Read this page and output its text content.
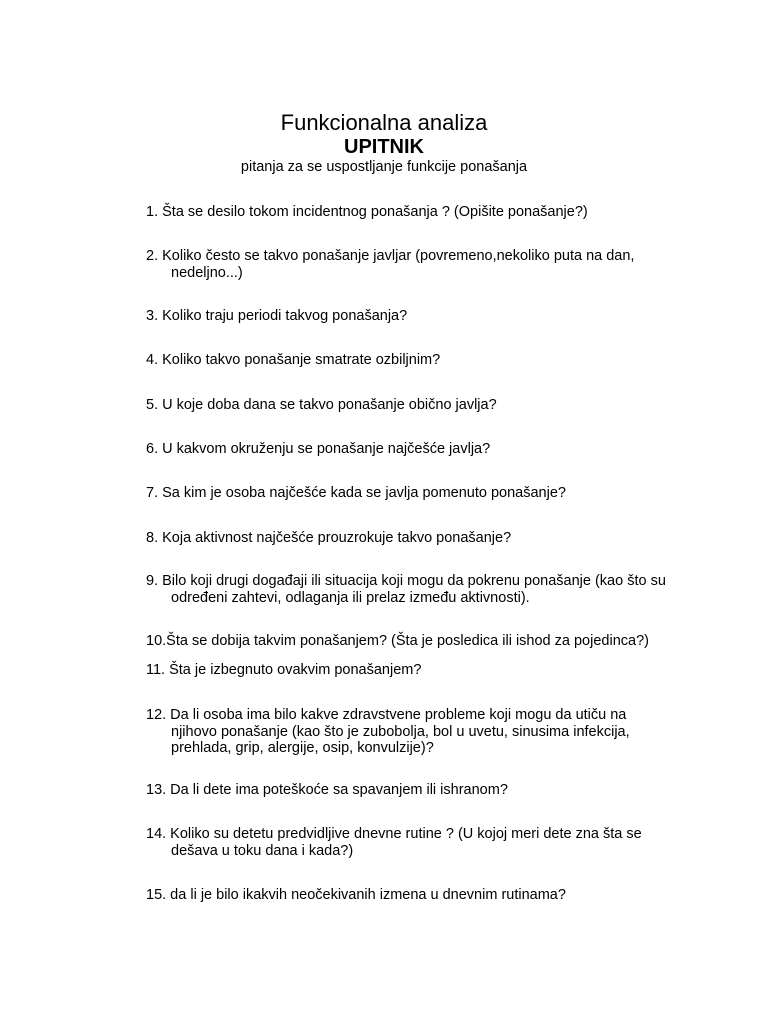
Funkcionalna analiza
UPITNIK
pitanja za se uspostljanje funkcije ponašanja

1. Šta se desilo tokom incidentnog ponašanja ? (Opišite ponašanje?)

2. Koliko često se takvo ponašanje javljar (povremeno,nekoliko puta na dan,
nedeljno...)

3. Koliko traju periodi takvog ponašanja?

4. Koliko takvo ponašanje smatrate ozbiljnim?

5. U koje doba dana se takvo ponašanje obično javlja?

6. U kakvom okruženju se ponašanje najčešće javlja?

7. Sa kim je osoba najčešće kada se javlja pomenuto ponašanje?

8. Koja aktivnost najčešće prouzrokuje takvo ponašanje?

9. Bilo koji drugi događaji ili situacija koji mogu da pokrenu ponašanje (kao što su
određeni zahtevi, odlaganja ili prelaz između aktivnosti).

10.Šta se dobija takvim ponašanjem? (Šta je posledica ili ishod za pojedinca?)

11. Šta je izbegnuto ovakvim ponašanjem?

12. Da li osoba ima bilo kakve zdravstvene probleme koji mogu da utiču na
njihovo ponašanje (kao što je zubobolja, bol u uvetu, sinusima infekcija,
prehlada, grip, alergije, osip, konvulzije)?

13. Da li dete ima poteškoće sa spavanjem ili ishranom?

14. Koliko su detetu predvidljive dnevne rutine ? (U kojoj meri dete zna šta se
dešava u toku dana i kada?)

15. da li je bilo ikakvih neočekivanih izmena u dnevnim rutinama?
